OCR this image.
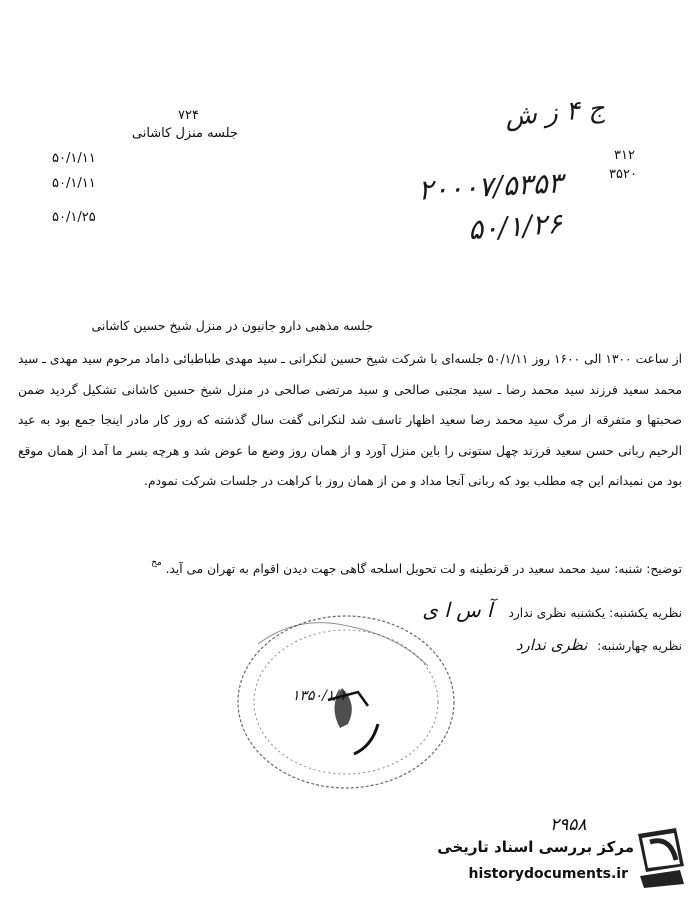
۷۲۴
جلسه منزل کاشانی
۵۰/۱/۱۱
۵۰/۱/۱۱
۵۰/۱/۲۵
ج ۴ ز ش
۳۱۲
۳۵۲۰
۲۰۰۰۷/۵۳۵۳
۵۰/۱/۲۶
جلسه مذهبی دارو جانیون در منزل شیخ حسین کاشانی

از ساعت ۱۳۰۰ الی ۱۶۰۰ روز ۵۰/۱/۱۱ جلسه‌ای با شرکت شیخ حسین لنکرانی ـ سید مهدی طباطبائی داماد مرحوم سید مهدی ـ سید محمد سعید فرزند سید محمد رضا ـ سید مجتبی صالحی و سید مرتضی صالحی در منزل شیخ حسین کاشانی تشکیل گردید ضمن صحبتها و متفرقه از مرگ سید محمد رضا سعید اظهار تاسف شد لنکرانی گفت سال گذشته که روز کار مادر اینجا جمع بود به عید الرحیم ربانی حسن سعید فرزند چهل ستونی را باین منزل آورد و از همان روز وضع ما عوض شد و هرچه بسر ما آمد از همان موقع بود من نمیدانم این چه مطلب بود که ربانی آنجا مداد و من از همان روز با کراهت در جلسات شرکت نمودم.

توضیح: شنبه: سید محمد سعید در قرنطینه و لت تحویل اسلحه گاهی جهت دیدن اقوام به تهران می آید. $^{مخ}$
نظریه یکشنبه: یکشنبه نظری ندارد آ س ا ی
نظریه چهارشنبه: نظری ندارد
۱۳۵۰/۱/۱
۲۹۵۸
مرکز بررسی اسناد تاریخی
historydocuments.ir
